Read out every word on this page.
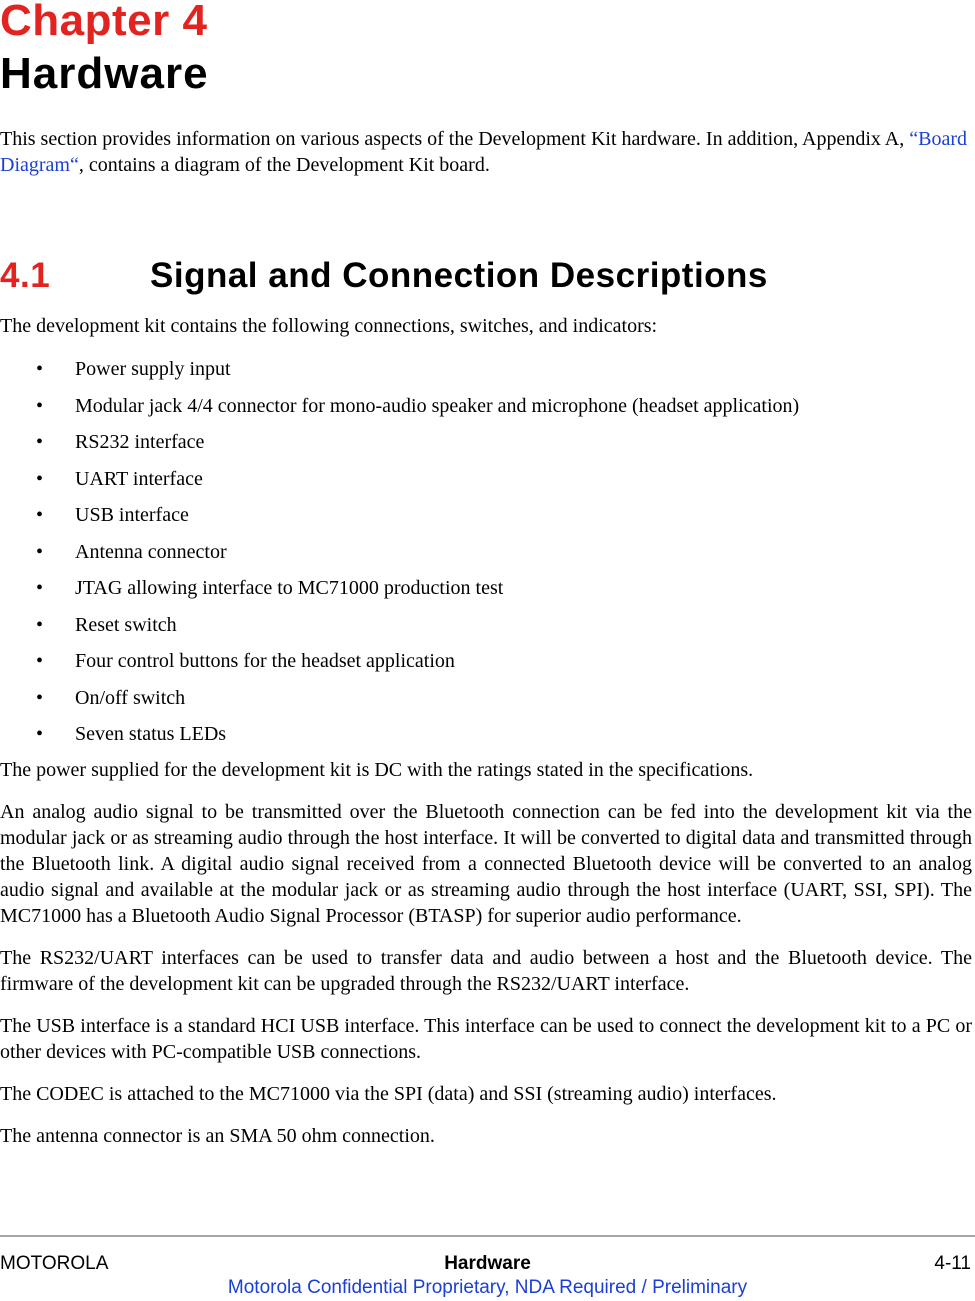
Chapter 4
Hardware
This section provides information on various aspects of the Development Kit hardware. In addition, Appendix A, “Board Diagram“, contains a diagram of the Development Kit board.
4.1	Signal and Connection Descriptions
The development kit contains the following connections, switches, and indicators:
• Power supply input
• Modular jack 4/4 connector for mono-audio speaker and microphone (headset application)
• RS232 interface
• UART interface
• USB interface
• Antenna connector
• JTAG allowing interface to MC71000 production test
• Reset switch
• Four control buttons for the headset application
• On/off switch
• Seven status LEDs

The power supplied for the development kit is DC with the ratings stated in the specifications.

An analog audio signal to be transmitted over the Bluetooth connection can be fed into the development kit via the modular jack or as streaming audio through the host interface. It will be converted to digital data and transmitted through the Bluetooth link. A digital audio signal received from a connected Bluetooth device will be converted to an analog audio signal and available at the modular jack or as streaming audio through the host interface (UART, SSI, SPI). The MC71000 has a Bluetooth Audio Signal Processor (BTASP) for superior audio performance.

The RS232/UART interfaces can be used to transfer data and audio between a host and the Bluetooth device. The firmware of the development kit can be upgraded through the RS232/UART interface.

The USB interface is a standard HCI USB interface. This interface can be used to connect the development kit to a PC or other devices with PC-compatible USB connections.

The CODEC is attached to the MC71000 via the SPI (data) and SSI (streaming audio) interfaces.

The antenna connector is an SMA 50 ohm connection.

MOTOROLA	Hardware	4-11
Motorola Confidential Proprietary, NDA Required / Preliminary
